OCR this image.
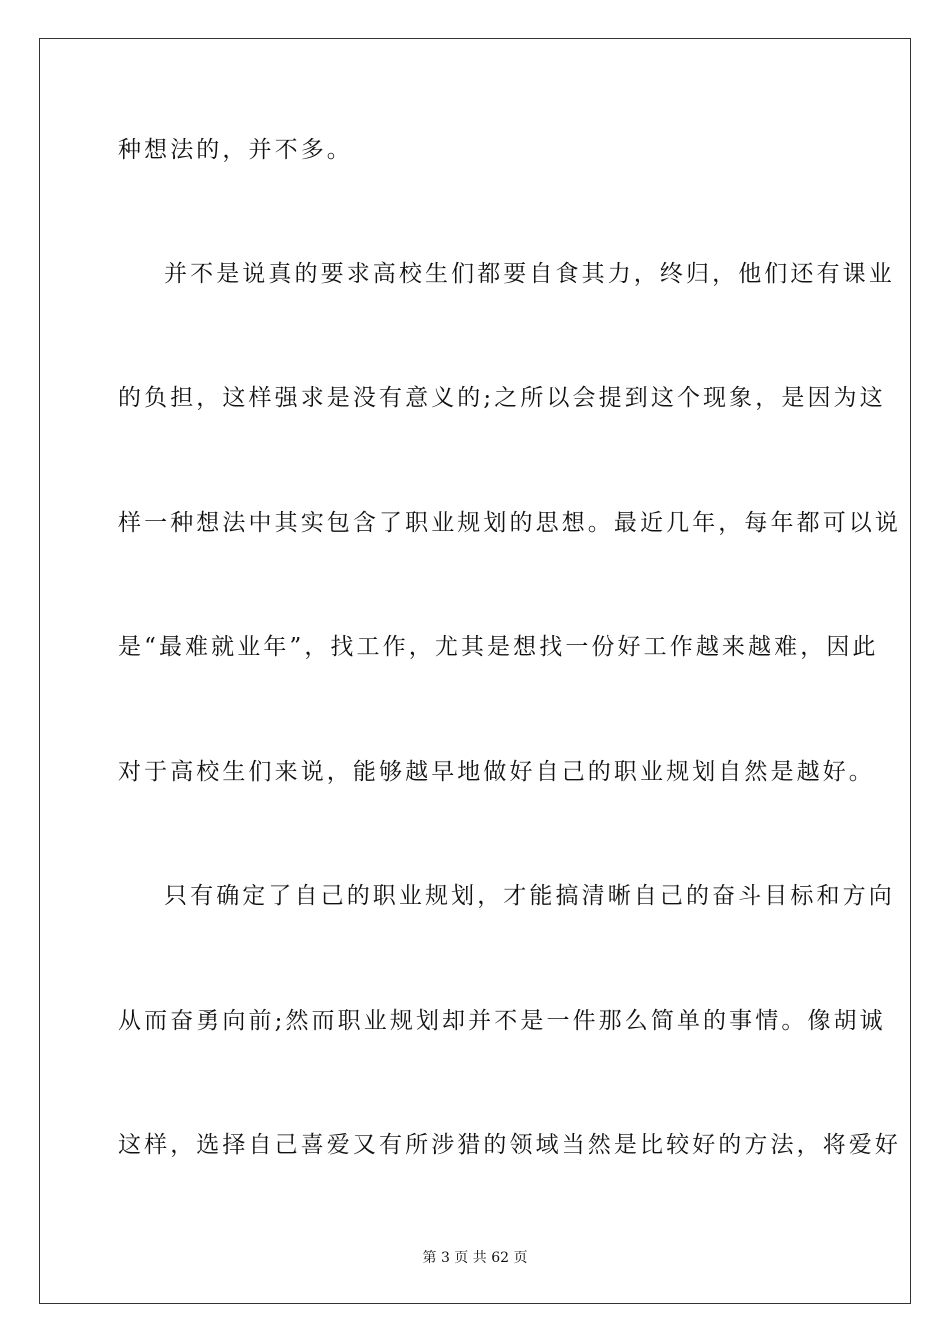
种想法的，并不多。
并不是说真的要求高校生们都要自食其力，终归，他们还有课业
的负担，这样强求是没有意义的;之所以会提到这个现象，是因为这
样一种想法中其实包含了职业规划的思想。最近几年，每年都可以说
是“最难就业年”，找工作，尤其是想找一份好工作越来越难，因此
对于高校生们来说，能够越早地做好自己的职业规划自然是越好。
只有确定了自己的职业规划，才能搞清晰自己的奋斗目标和方向
从而奋勇向前;然而职业规划却并不是一件那么简单的事情。像胡诚
这样，选择自己喜爱又有所涉猎的领域当然是比较好的方法，将爱好
第 3 页 共 62 页
